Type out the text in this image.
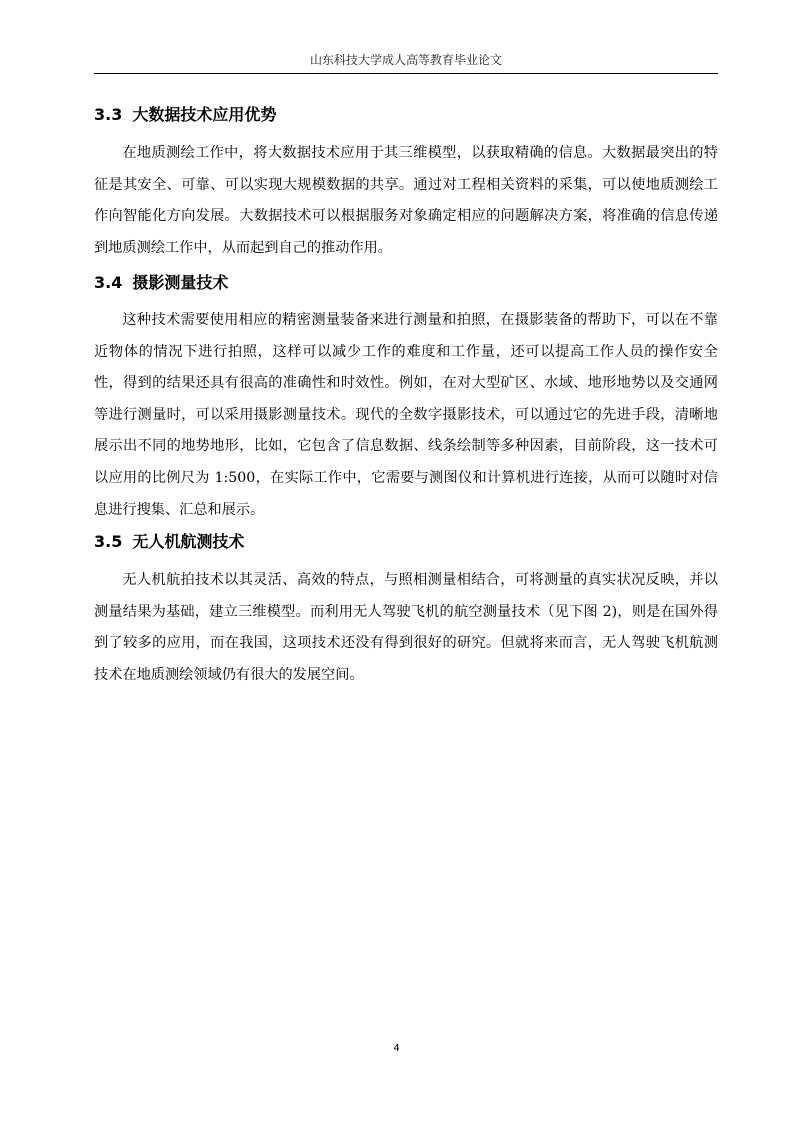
山东科技大学成人高等教育毕业论文
3.3 大数据技术应用优势

在地质测绘工作中，将大数据技术应用于其三维模型，以获取精确的信息。大数据最突出的特征是其安全、可靠、可以实现大规模数据的共享。通过对工程相关资料的采集，可以使地质测绘工作向智能化方向发展。大数据技术可以根据服务对象确定相应的问题解决方案，将准确的信息传递到地质测绘工作中，从而起到自己的推动作用。

3.4 摄影测量技术

这种技术需要使用相应的精密测量装备来进行测量和拍照，在摄影装备的帮助下，可以在不靠近物体的情况下进行拍照，这样可以减少工作的难度和工作量，还可以提高工作人员的操作安全性，得到的结果还具有很高的准确性和时效性。例如，在对大型矿区、水域、地形地势以及交通网等进行测量时，可以采用摄影测量技术。现代的全数字摄影技术，可以通过它的先进手段，清晰地展示出不同的地势地形，比如，它包含了信息数据、线条绘制等多种因素，目前阶段，这一技术可以应用的比例尺为 1:500，在实际工作中，它需要与测图仪和计算机进行连接，从而可以随时对信息进行搜集、汇总和展示。

3.5 无人机航测技术

无人机航拍技术以其灵活、高效的特点，与照相测量相结合，可将测量的真实状况反映，并以测量结果为基础，建立三维模型。而利用无人驾驶飞机的航空测量技术（见下图 2)，则是在国外得到了较多的应用，而在我国，这项技术还没有得到很好的研究。但就将来而言，无人驾驶飞机航测技术在地质测绘领域仍有很大的发展空间。

4
